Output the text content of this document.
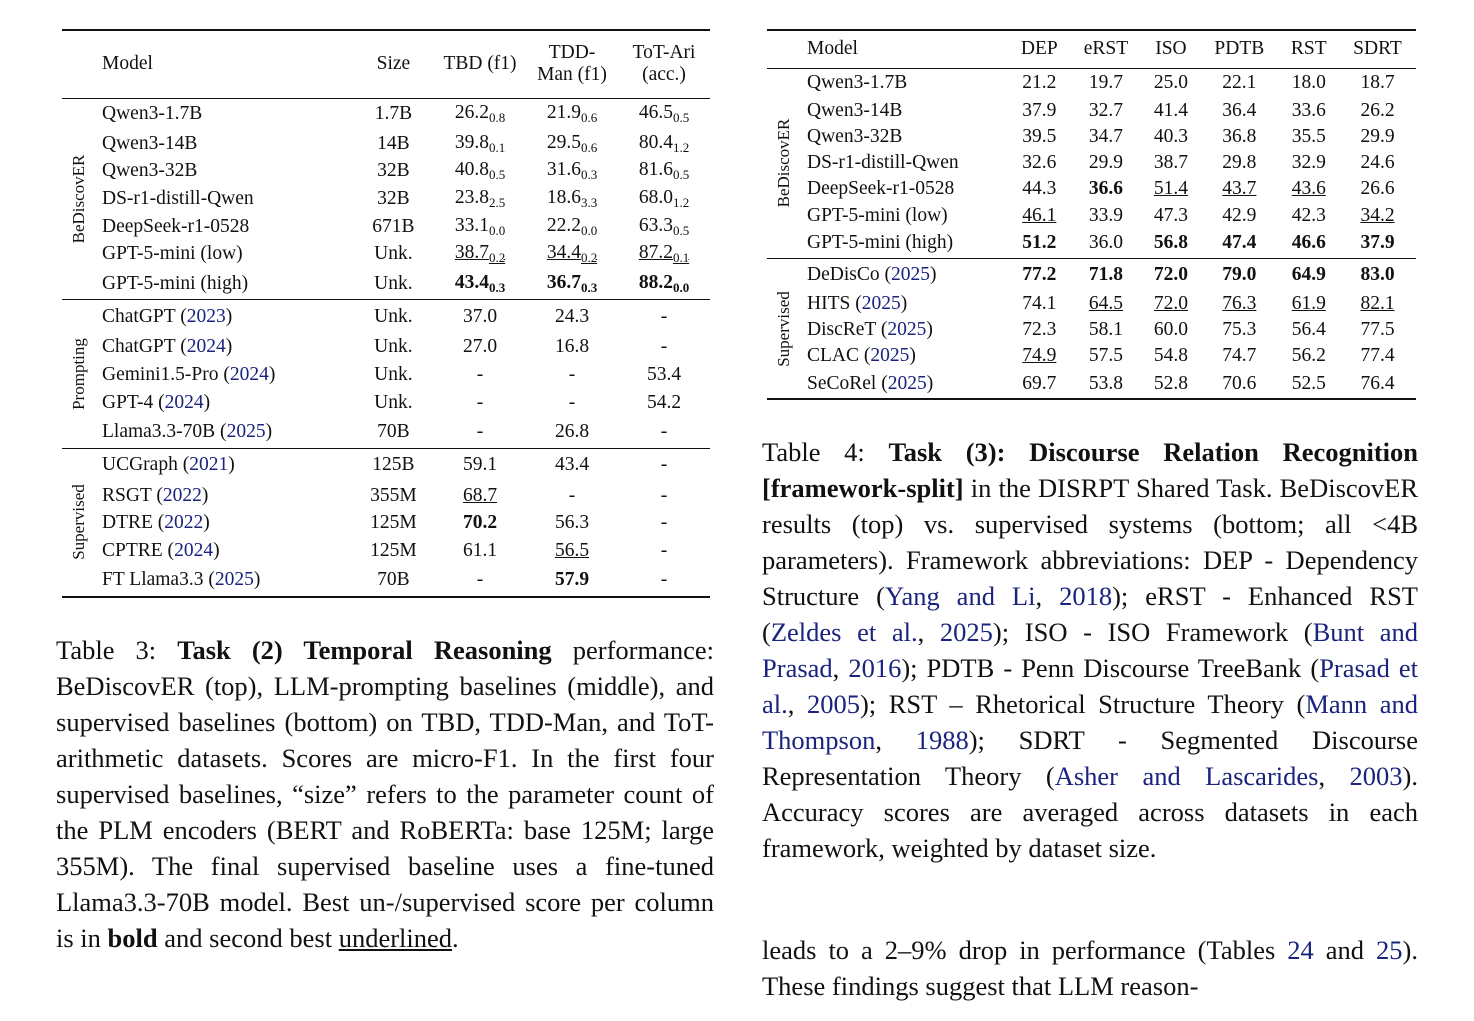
	Model	Size	TBD (f1)	TDD-Man (f1)	ToT-Ari (acc.)

BeDiscovER	Qwen3-1.7B	1.7B	$26.2_{0.8}$	$21.9_{0.6}$	$46.5_{0.5}$
	Qwen3-14B	14B	$39.8_{0.1}$	$29.5_{0.6}$	$80.4_{1.2}$
	Qwen3-32B	32B	$40.8_{0.5}$	$31.6_{0.3}$	$81.6_{0.5}$
	DS-r1-distill-Qwen	32B	$23.8_{2.5}$	$18.6_{3.3}$	$68.0_{1.2}$
	DeepSeek-r1-0528	671B	$33.1_{0.0}$	$22.2_{0.0}$	$63.3_{0.5}$
	GPT-5-mini (low)	Unk.	$38.7_{0.2}$	$34.4_{0.2}$	$87.2_{0.1}$
	GPT-5-mini (high)	Unk.	$43.4_{0.3}$	$36.7_{0.3}$	$88.2_{0.0}$

Prompting	ChatGPT (2023)	Unk.	37.0	24.3	-
	ChatGPT (2024)	Unk.	27.0	16.8	-
	Gemini1.5-Pro (2024)	Unk.	-	-	53.4
	GPT-4 (2024)	Unk.	-	-	54.2
	Llama3.3-70B (2025)	70B	-	26.8	-

Supervised	UCGraph (2021)	125B	59.1	43.4	-
	RSGT (2022)	355M	68.7	-	-
	DTRE (2022)	125M	70.2	56.3	-
	CPTRE (2024)	125M	61.1	56.5	-
	FT Llama3.3 (2025)	70B	-	57.9	-
	Model	DEP	eRST	ISO	PDTB	RST	SDRT

BeDiscovER	Qwen3-1.7B	21.2	19.7	25.0	22.1	18.0	18.7
	Qwen3-14B	37.9	32.7	41.4	36.4	33.6	26.2
	Qwen3-32B	39.5	34.7	40.3	36.8	35.5	29.9
	DS-r1-distill-Qwen	32.6	29.9	38.7	29.8	32.9	24.6
	DeepSeek-r1-0528	44.3	36.6	51.4	43.7	43.6	26.6
	GPT-5-mini (low)	46.1	33.9	47.3	42.9	42.3	34.2
	GPT-5-mini (high)	51.2	36.0	56.8	47.4	46.6	37.9

Supervised	DeDisCo (2025)	77.2	71.8	72.0	79.0	64.9	83.0
	HITS (2025)	74.1	64.5	72.0	76.3	61.9	82.1
	DiscReT (2025)	72.3	58.1	60.0	75.3	56.4	77.5
	CLAC (2025)	74.9	57.5	54.8	74.7	56.2	77.4
	SeCoRel (2025)	69.7	53.8	52.8	70.6	52.5	76.4
Table 3: Task (2) Temporal Reasoning performance: BeDiscovER (top), LLM-prompting baselines (middle), and supervised baselines (bottom) on TBD, TDD-Man, and ToT-arithmetic datasets. Scores are micro-F1. In the first four supervised baselines, “size” refers to the parameter count of the PLM encoders (BERT and RoBERTa: base 125M; large 355M). The final supervised baseline uses a fine-tuned Llama3.3-70B model. Best un-/supervised score per column is in bold and second best underlined.
Table 4: Task (3): Discourse Relation Recognition [framework-split] in the DISRPT Shared Task. BeDiscovER results (top) vs. supervised systems (bottom; all <4B parameters). Framework abbreviations: DEP - Dependency Structure (Yang and Li, 2018); eRST - Enhanced RST (Zeldes et al., 2025); ISO - ISO Framework (Bunt and Prasad, 2016); PDTB - Penn Discourse TreeBank (Prasad et al., 2005); RST – Rhetorical Structure Theory (Mann and Thompson, 1988); SDRT - Segmented Discourse Representation Theory (Asher and Lascarides, 2003). Accuracy scores are averaged across datasets in each framework, weighted by dataset size.
leads to a 2–9% drop in performance (Tables 24 and 25). These findings suggest that LLM reason-
